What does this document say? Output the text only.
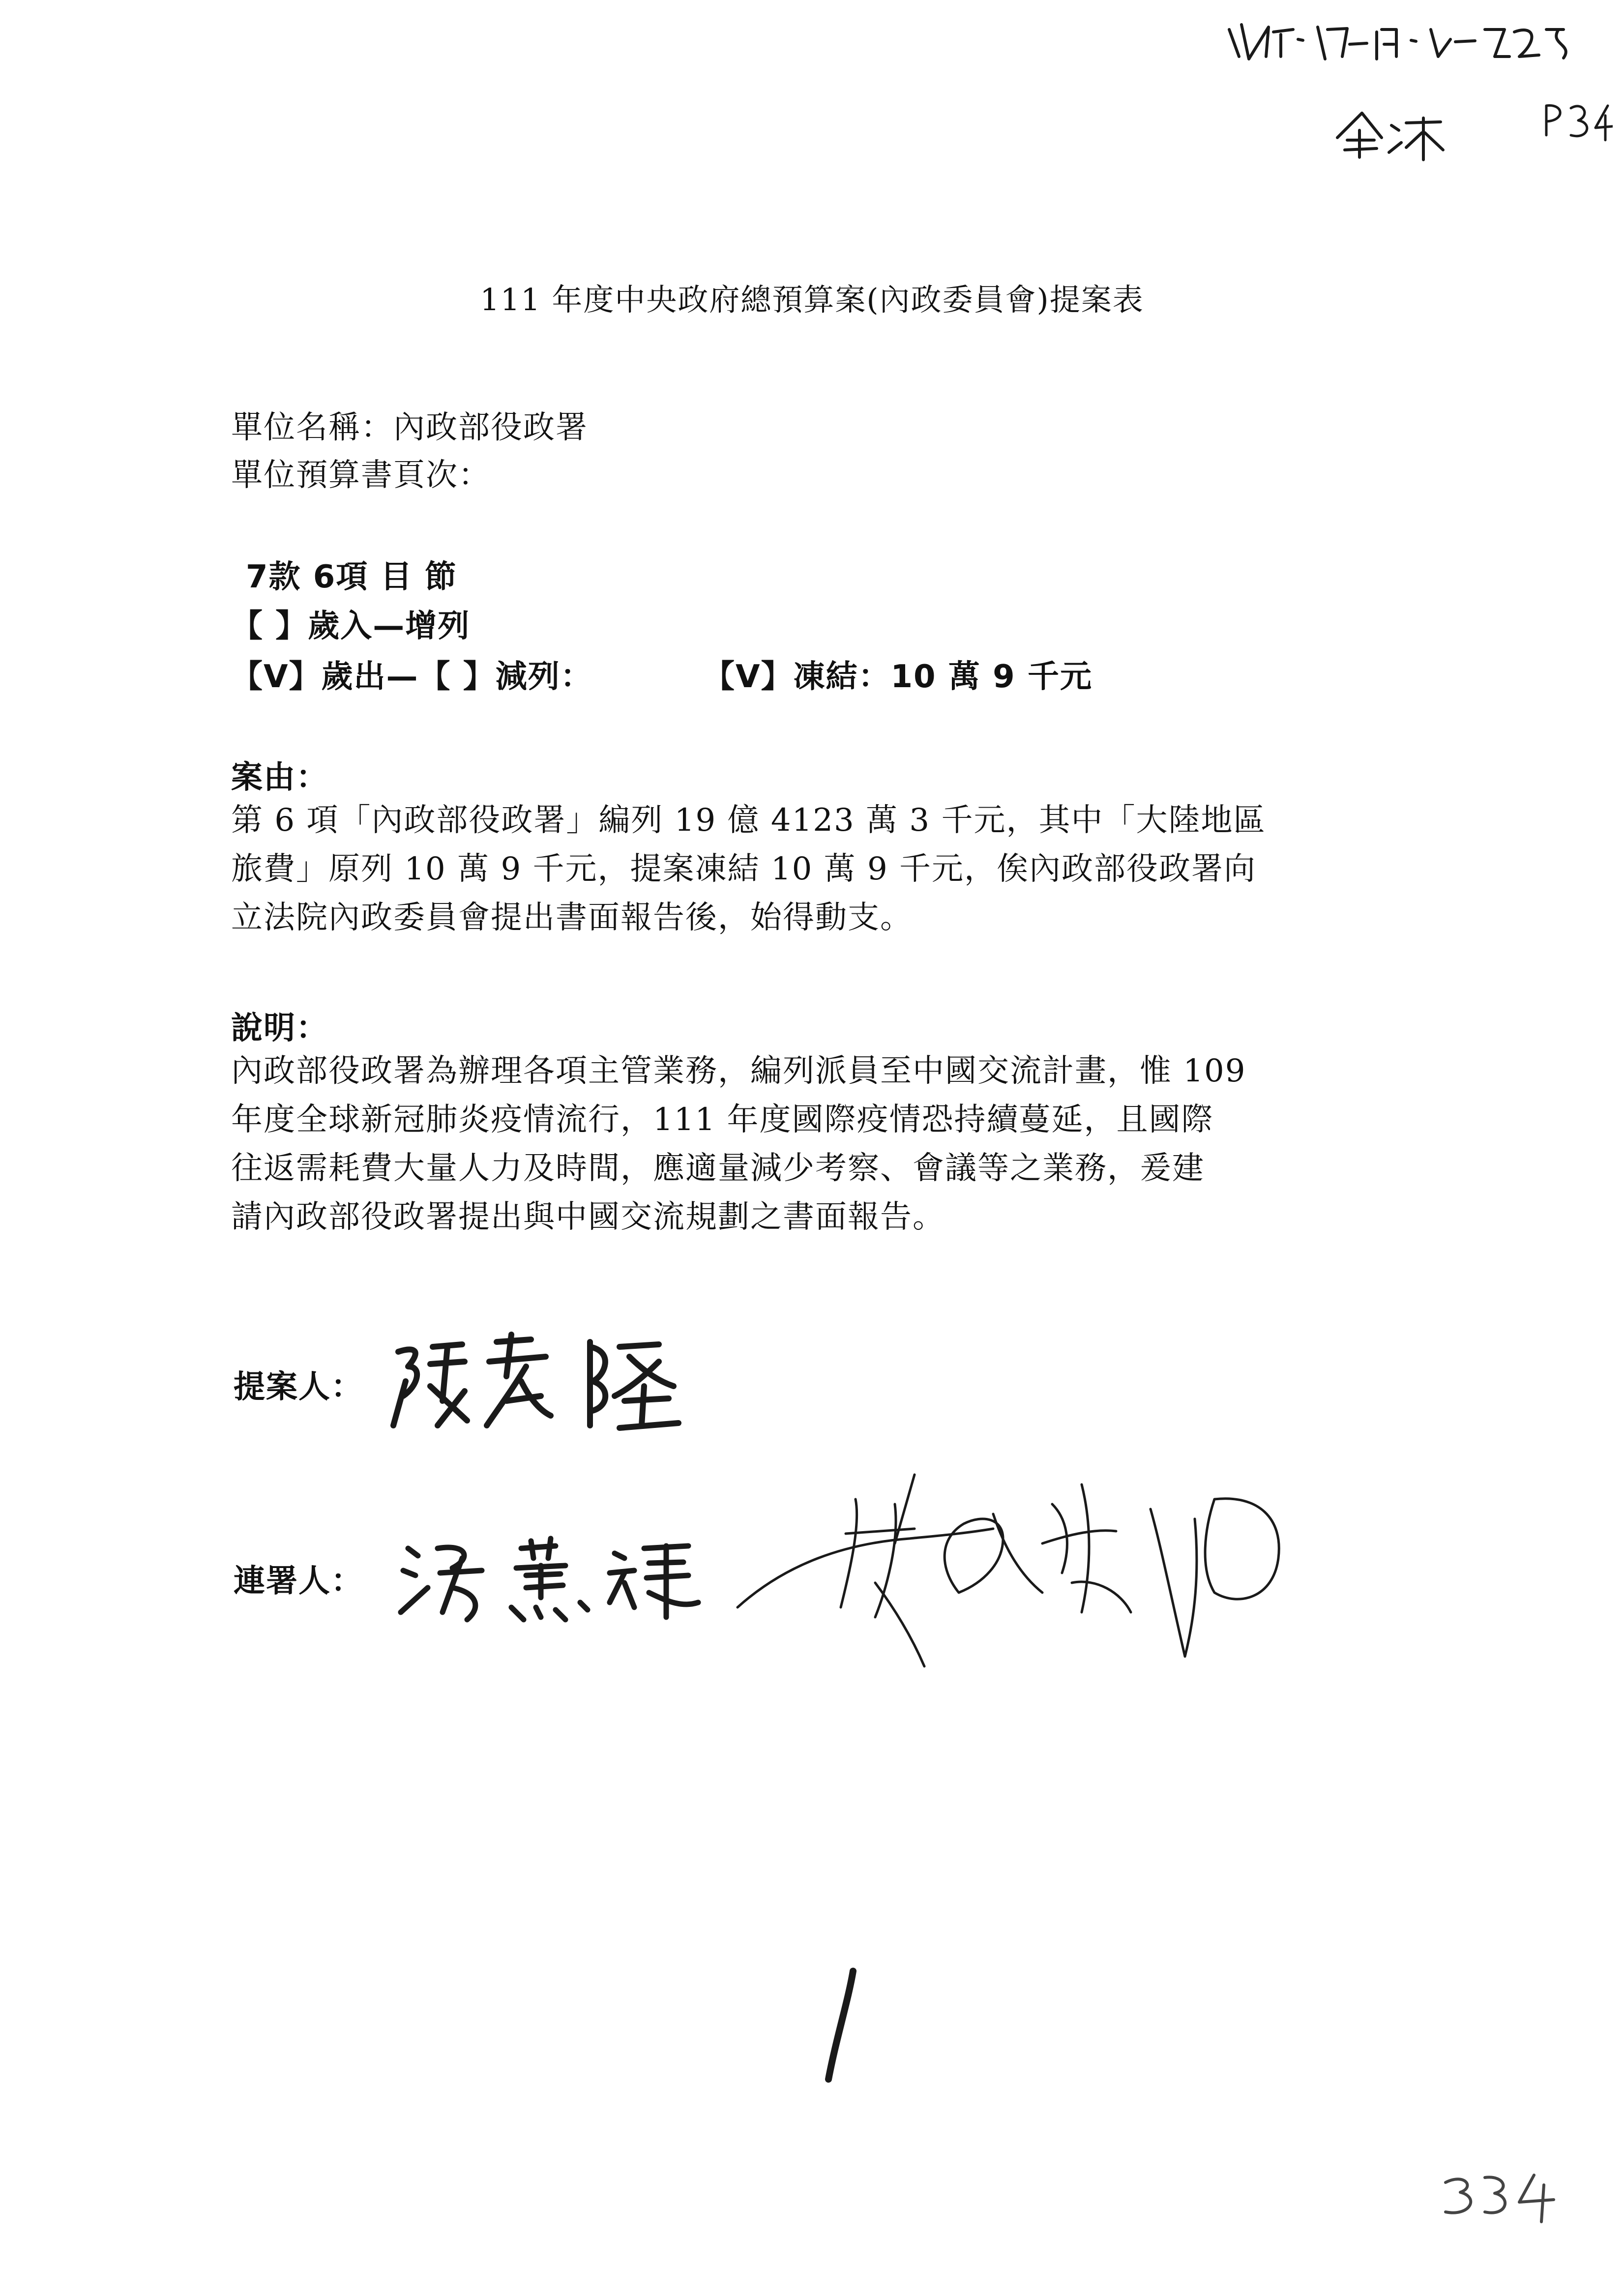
111 年度中央政府總預算案(內政委員會)提案表
單位名稱：內政部役政署
單位預算書頁次：
7款 6項 目 節
【 】歲入—增列
【V】歲出—【 】減列：	【V】凍結：10 萬 9 千元
案由：
第 6 項「內政部役政署」編列 19 億 4123 萬 3 千元，其中「大陸地區
旅費」原列 10 萬 9 千元，提案凍結 10 萬 9 千元，俟內政部役政署向
立法院內政委員會提出書面報告後，始得動支。
說明：
內政部役政署為辦理各項主管業務，編列派員至中國交流計畫，惟 109
年度全球新冠肺炎疫情流行，111 年度國際疫情恐持續蔓延，且國際
往返需耗費大量人力及時間，應適量減少考察、會議等之業務，爰建
請內政部役政署提出與中國交流規劃之書面報告。
提案人：
連署人：
